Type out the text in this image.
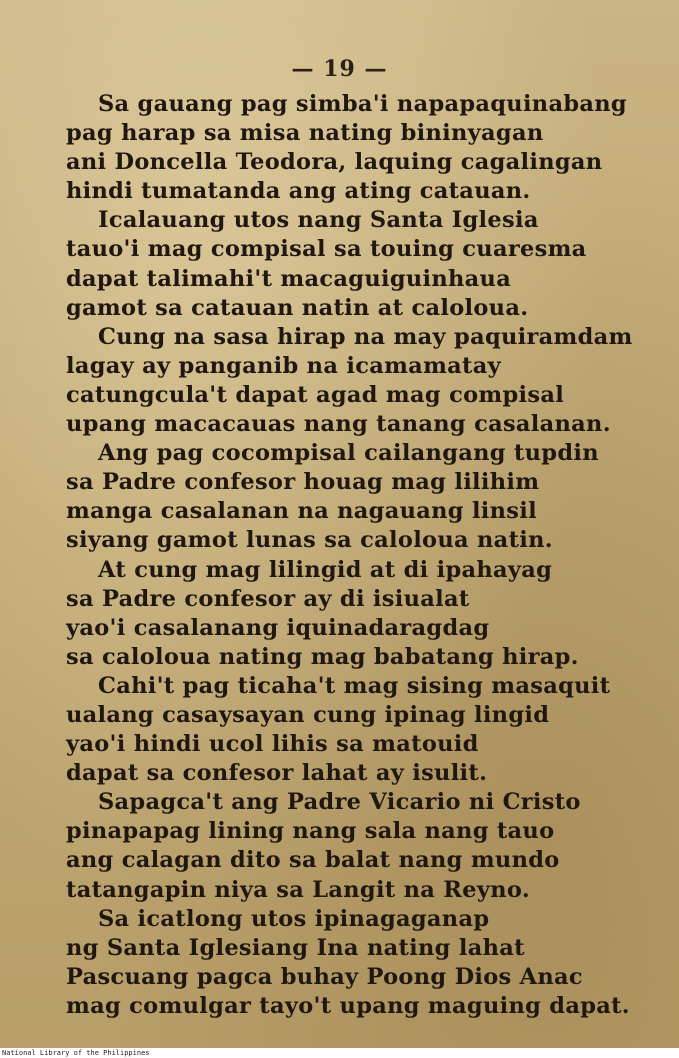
— 19 —
Sa gauang pag simba'i napapaquinabang
pag harap sa misa nating bininyagan
ani Doncella Teodora, laquing cagalingan
hindi tumatanda ang ating catauan.
Icalauang utos nang Santa Iglesia
tauo'i mag compisal sa touing cuaresma
dapat talimahi't macaguiguinhaua
gamot sa catauan natin at caloloua.
Cung na sasa hirap na may paquiramdam
lagay ay panganib na icamamatay
catungcula't dapat agad mag compisal
upang macacauas nang tanang casalanan.
Ang pag cocompisal cailangang tupdin
sa Padre confesor houag mag lilihim
manga casalanan na nagauang linsil
siyang gamot lunas sa caloloua natin.
At cung mag lilingid at di ipahayag
sa Padre confesor ay di isiualat
yao'i casalanang iquinadaragdag
sa caloloua nating mag babatang hirap.
Cahi't pag ticaha't mag sising masaquit
ualang casaysayan cung ipinag lingid
yao'i hindi ucol lihis sa matouid
dapat sa confesor lahat ay isulit.
Sapagca't ang Padre Vicario ni Cristo
pinapapag lining nang sala nang tauo
ang calagan dito sa balat nang mundo
tatangapin niya sa Langit na Reyno.
Sa icatlong utos ipinagaganap
ng Santa Iglesiang Ina nating lahat
Pascuang pagca buhay Poong Dios Anac
mag comulgar tayo't upang maguing dapat.
National Library of the Philippines
